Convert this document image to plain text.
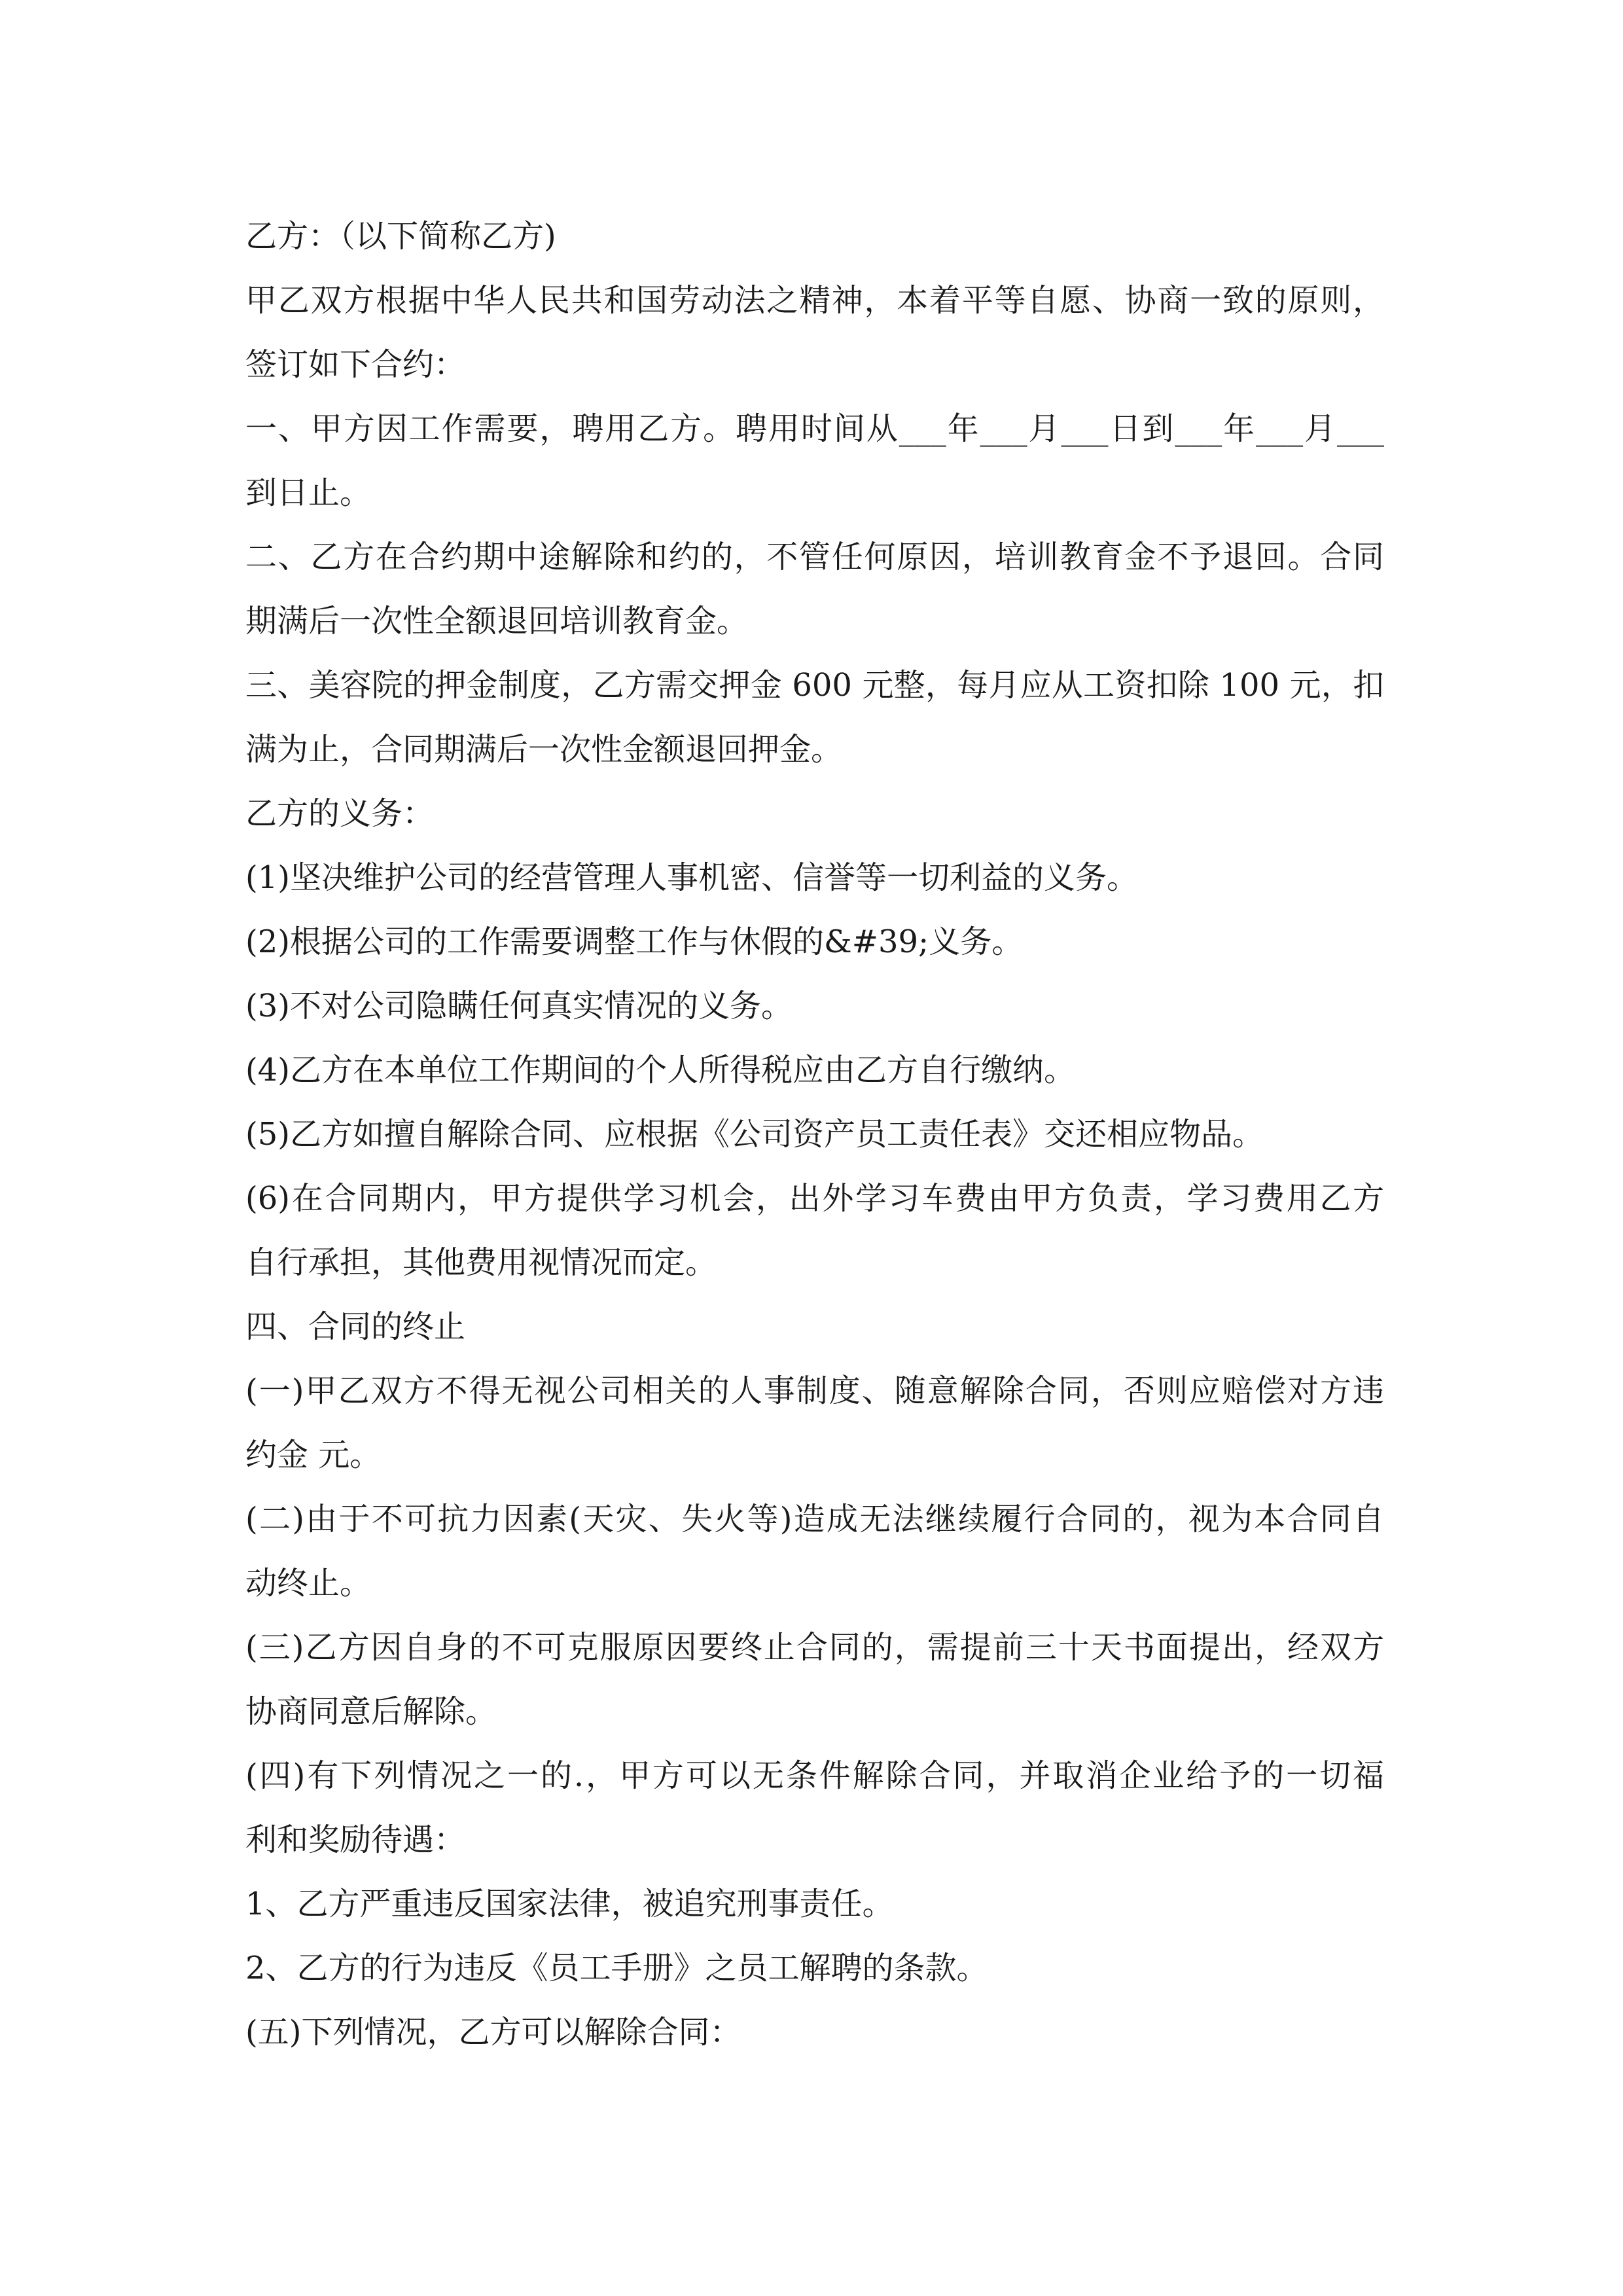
乙方：（以下简称乙方)
甲乙双方根据中华人民共和国劳动法之精神，本着平等自愿、协商一致的原则，
签订如下合约：
一、甲方因工作需要，聘用乙方。聘用时间从___年___月___日到___年___月___
到日止。
二、乙方在合约期中途解除和约的，不管任何原因，培训教育金不予退回。合同
期满后一次性全额退回培训教育金。
三、美容院的押金制度，乙方需交押金 600 元整，每月应从工资扣除 100 元，扣
满为止，合同期满后一次性金额退回押金。
乙方的义务：
(1)坚决维护公司的经营管理人事机密、信誉等一切利益的义务。
(2)根据公司的工作需要调整工作与休假的&#39;义务。
(3)不对公司隐瞒任何真实情况的义务。
(4)乙方在本单位工作期间的个人所得税应由乙方自行缴纳。
(5)乙方如擅自解除合同、应根据《公司资产员工责任表》交还相应物品。
(6)在合同期内，甲方提供学习机会，出外学习车费由甲方负责，学习费用乙方
自行承担，其他费用视情况而定。
四、合同的终止
(一)甲乙双方不得无视公司相关的人事制度、随意解除合同，否则应赔偿对方违
约金 元。
(二)由于不可抗力因素(天灾、失火等)造成无法继续履行合同的，视为本合同自
动终止。
(三)乙方因自身的不可克服原因要终止合同的，需提前三十天书面提出，经双方
协商同意后解除。
(四)有下列情况之一的.，甲方可以无条件解除合同，并取消企业给予的一切福
利和奖励待遇：
1、乙方严重违反国家法律，被追究刑事责任。
2、乙方的行为违反《员工手册》之员工解聘的条款。
(五)下列情况，乙方可以解除合同：
